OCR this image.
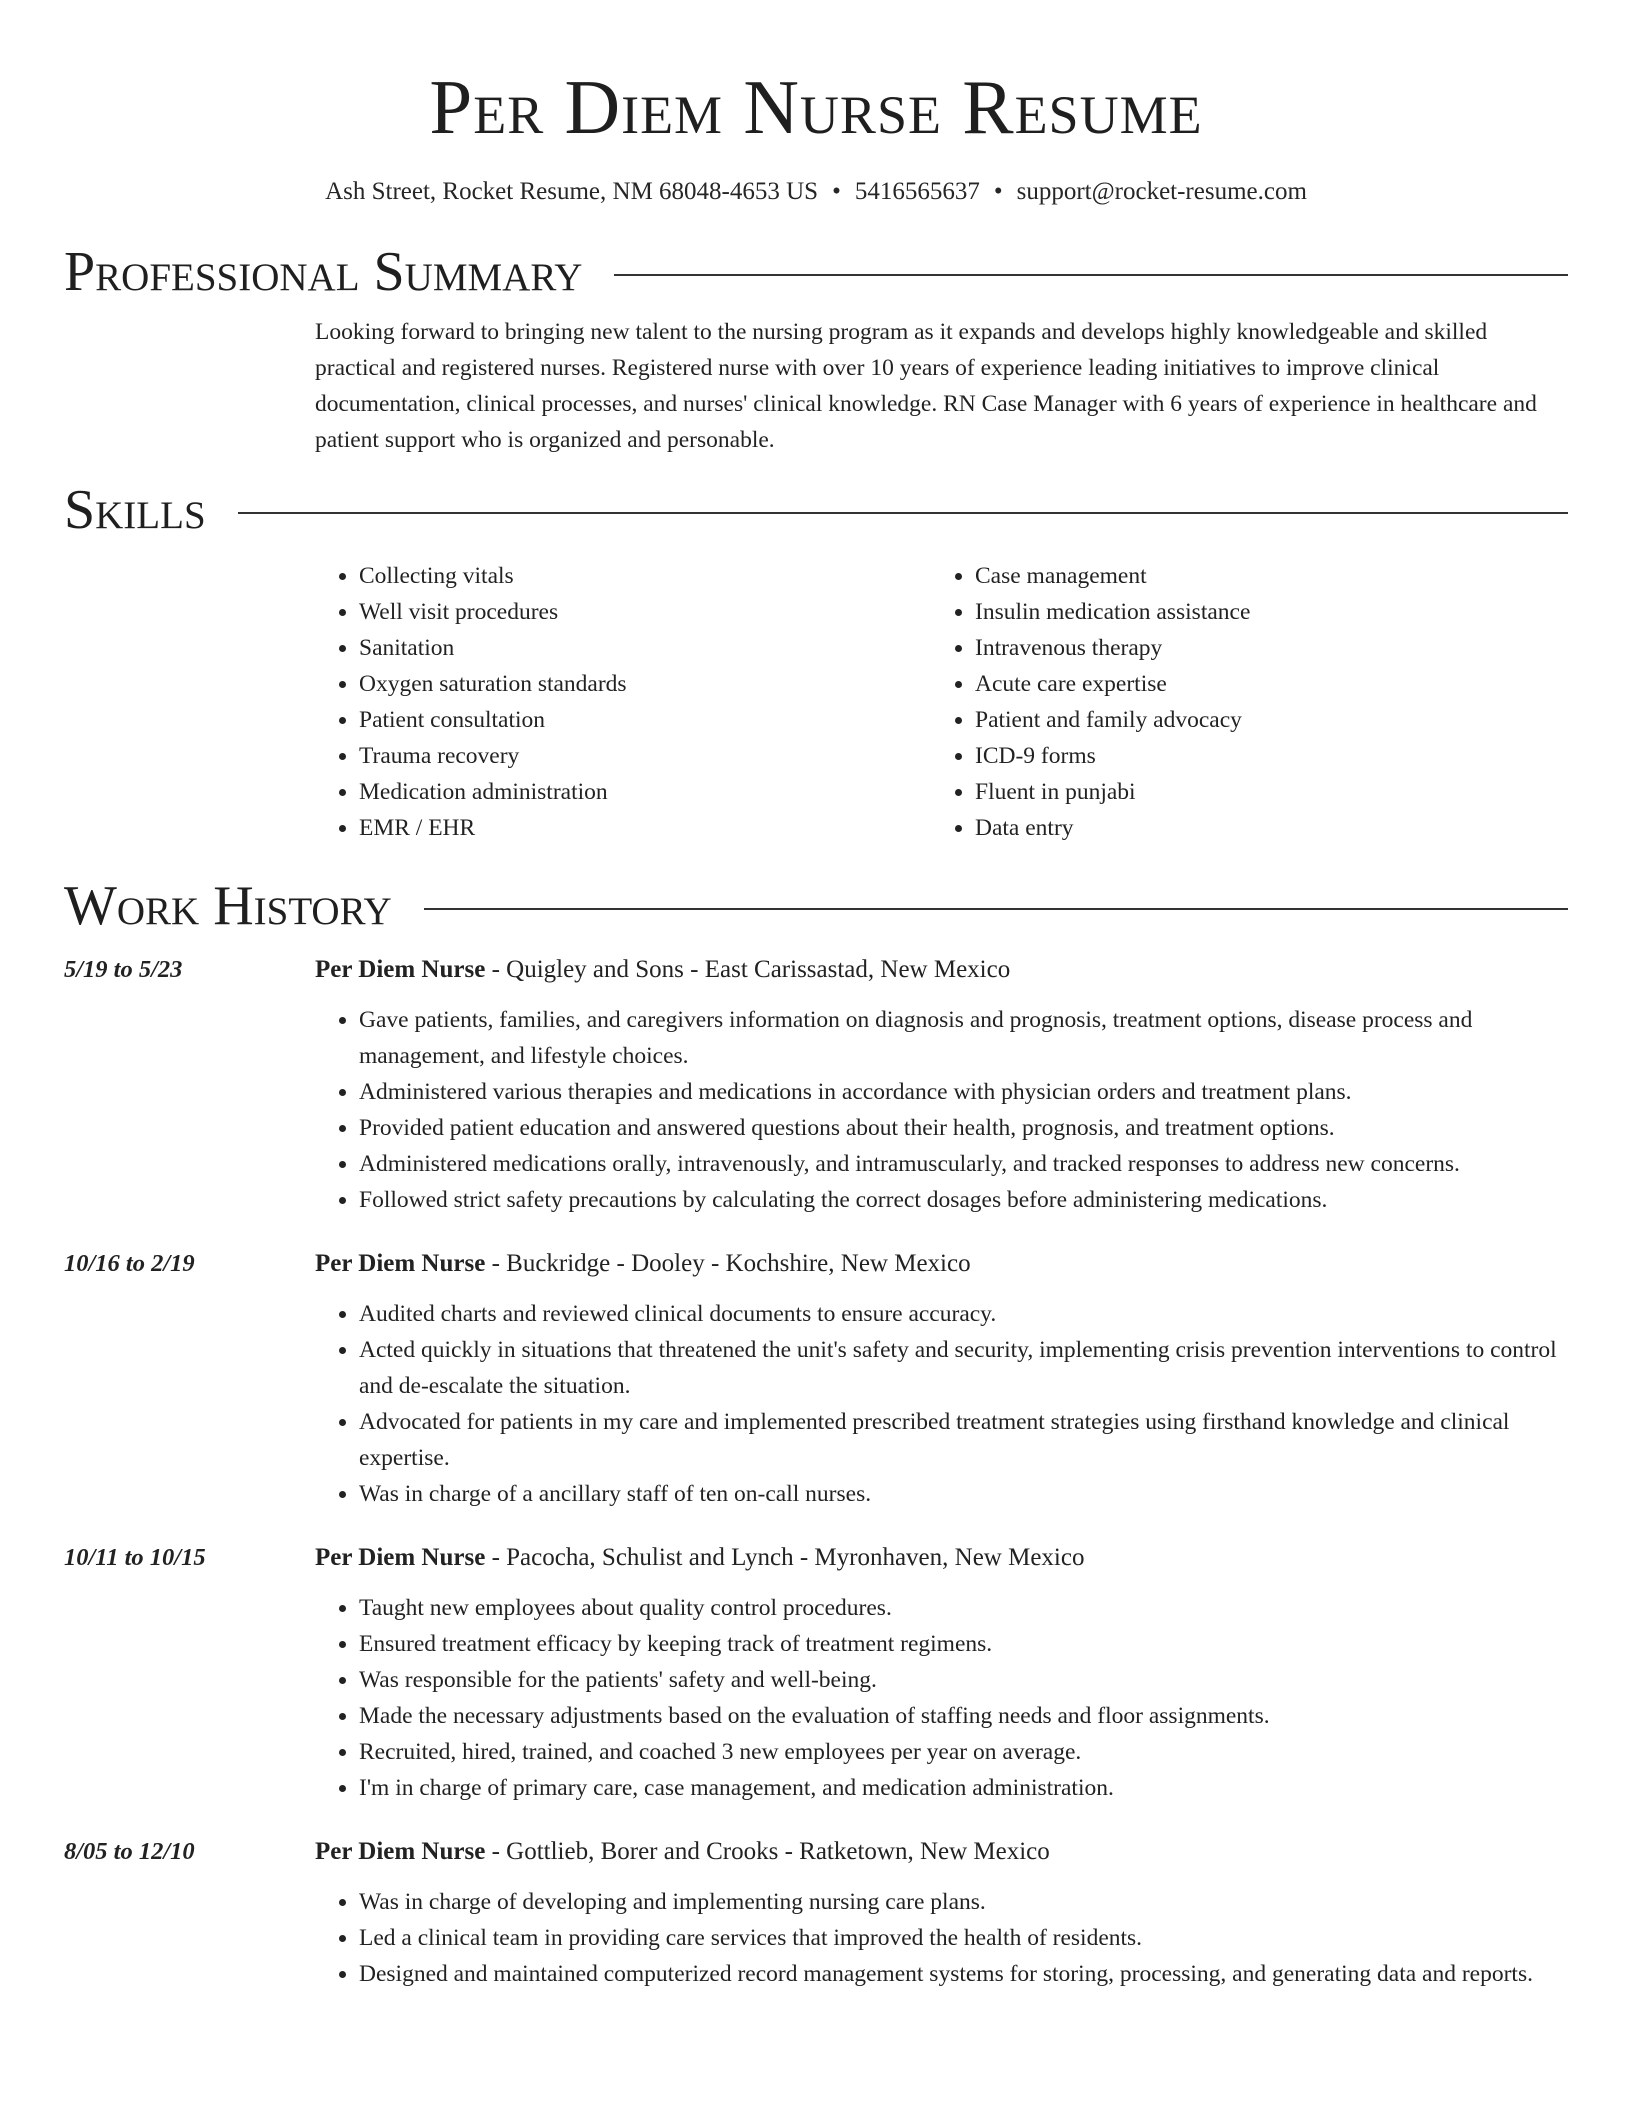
Per Diem Nurse Resume
Ash Street, Rocket Resume, NM 68048-4653 US • 5416565637 • support@rocket-resume.com
Professional Summary

Looking forward to bringing new talent to the nursing program as it expands and develops highly knowledgeable and skilled practical and registered nurses. Registered nurse with over 10 years of experience leading initiatives to improve clinical documentation, clinical processes, and nurses' clinical knowledge. RN Case Manager with 6 years of experience in healthcare and patient support who is organized and personable.

Skills
• Collecting vitals
• Well visit procedures
• Sanitation
• Oxygen saturation standards
• Patient consultation
• Trauma recovery
• Medication administration
• EMR / EHR
• Case management
• Insulin medication assistance
• Intravenous therapy
• Acute care expertise
• Patient and family advocacy
• ICD-9 forms
• Fluent in punjabi
• Data entry
Work History
5/19 to 5/23	Per Diem Nurse - Quigley and Sons - East Carissastad, New Mexico
• Gave patients, families, and caregivers information on diagnosis and prognosis, treatment options, disease process and management, and lifestyle choices.
• Administered various therapies and medications in accordance with physician orders and treatment plans.
• Provided patient education and answered questions about their health, prognosis, and treatment options.
• Administered medications orally, intravenously, and intramuscularly, and tracked responses to address new concerns.
• Followed strict safety precautions by calculating the correct dosages before administering medications.
10/16 to 2/19	Per Diem Nurse - Buckridge - Dooley - Kochshire, New Mexico
• Audited charts and reviewed clinical documents to ensure accuracy.
• Acted quickly in situations that threatened the unit's safety and security, implementing crisis prevention interventions to control and de-escalate the situation.
• Advocated for patients in my care and implemented prescribed treatment strategies using firsthand knowledge and clinical expertise.
• Was in charge of a ancillary staff of ten on-call nurses.
10/11 to 10/15	Per Diem Nurse - Pacocha, Schulist and Lynch - Myronhaven, New Mexico
• Taught new employees about quality control procedures.
• Ensured treatment efficacy by keeping track of treatment regimens.
• Was responsible for the patients' safety and well-being.
• Made the necessary adjustments based on the evaluation of staffing needs and floor assignments.
• Recruited, hired, trained, and coached 3 new employees per year on average.
• I'm in charge of primary care, case management, and medication administration.
8/05 to 12/10	Per Diem Nurse - Gottlieb, Borer and Crooks - Ratketown, New Mexico
• Was in charge of developing and implementing nursing care plans.
• Led a clinical team in providing care services that improved the health of residents.
• Designed and maintained computerized record management systems for storing, processing, and generating data and reports.
